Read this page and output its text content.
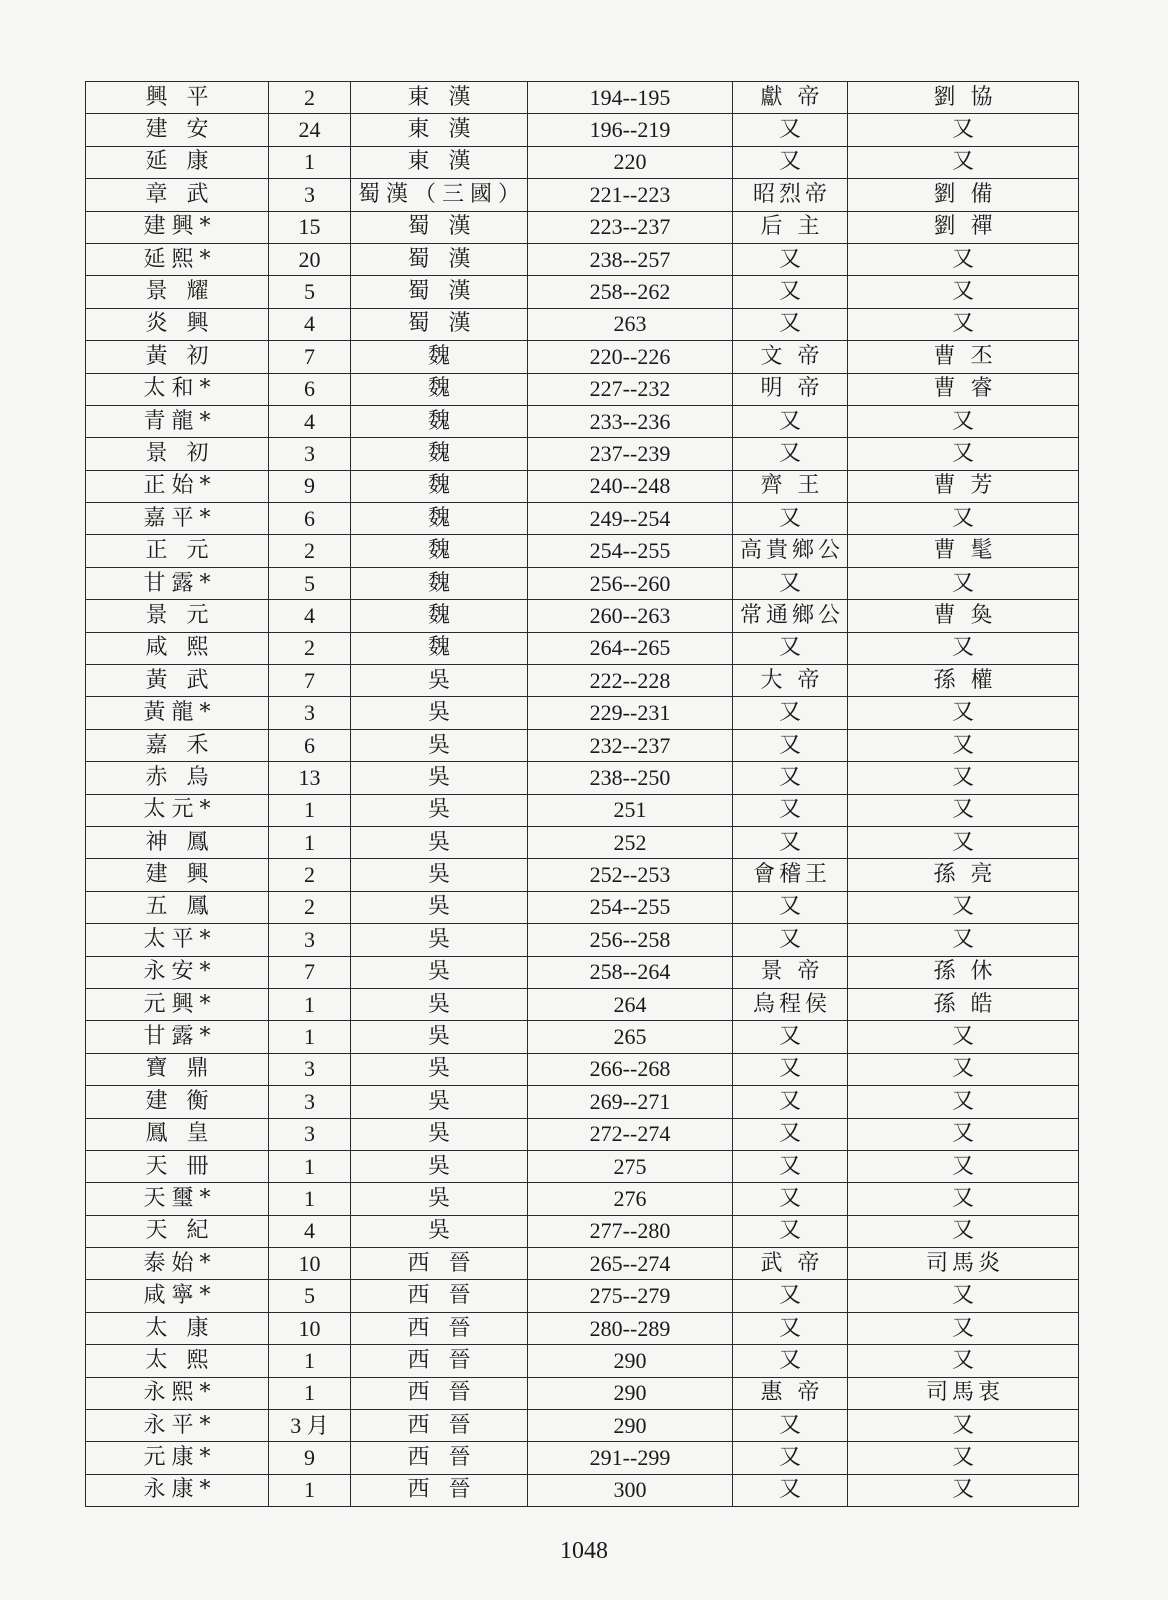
興 平	2	東 漢	194--195	獻 帝	劉 協
建 安	24	東 漢	196--219	又	又
延 康	1	東 漢	220	又	又
章 武	3	蜀漢（三國）	221--223	昭烈帝	劉 備
建興*	15	蜀 漢	223--237	后 主	劉 禪
延熙*	20	蜀 漢	238--257	又	又
景 耀	5	蜀 漢	258--262	又	又
炎 興	4	蜀 漢	263	又	又
黃 初	7	魏	220--226	文 帝	曹 丕
太和*	6	魏	227--232	明 帝	曹 睿
青龍*	4	魏	233--236	又	又
景 初	3	魏	237--239	又	又
正始*	9	魏	240--248	齊 王	曹 芳
嘉平*	6	魏	249--254	又	又
正 元	2	魏	254--255	高貴鄉公	曹 髦
甘露*	5	魏	256--260	又	又
景 元	4	魏	260--263	常通鄉公	曹 奐
咸 熙	2	魏	264--265	又	又
黃 武	7	吳	222--228	大 帝	孫 權
黃龍*	3	吳	229--231	又	又
嘉 禾	6	吳	232--237	又	又
赤 烏	13	吳	238--250	又	又
太元*	1	吳	251	又	又
神 鳳	1	吳	252	又	又
建 興	2	吳	252--253	會稽王	孫 亮
五 鳳	2	吳	254--255	又	又
太平*	3	吳	256--258	又	又
永安*	7	吳	258--264	景 帝	孫 休
元興*	1	吳	264	烏程侯	孫 皓
甘露*	1	吳	265	又	又
寶 鼎	3	吳	266--268	又	又
建 衡	3	吳	269--271	又	又
鳳 皇	3	吳	272--274	又	又
天 冊	1	吳	275	又	又
天璽*	1	吳	276	又	又
天 紀	4	吳	277--280	又	又
泰始*	10	西 晉	265--274	武 帝	司馬炎
咸寧*	5	西 晉	275--279	又	又
太 康	10	西 晉	280--289	又	又
太 熙	1	西 晉	290	又	又
永熙*	1	西 晉	290	惠 帝	司馬衷
永平*	3 月	西 晉	290	又	又
元康*	9	西 晉	291--299	又	又
永康*	1	西 晉	300	又	又
1048
